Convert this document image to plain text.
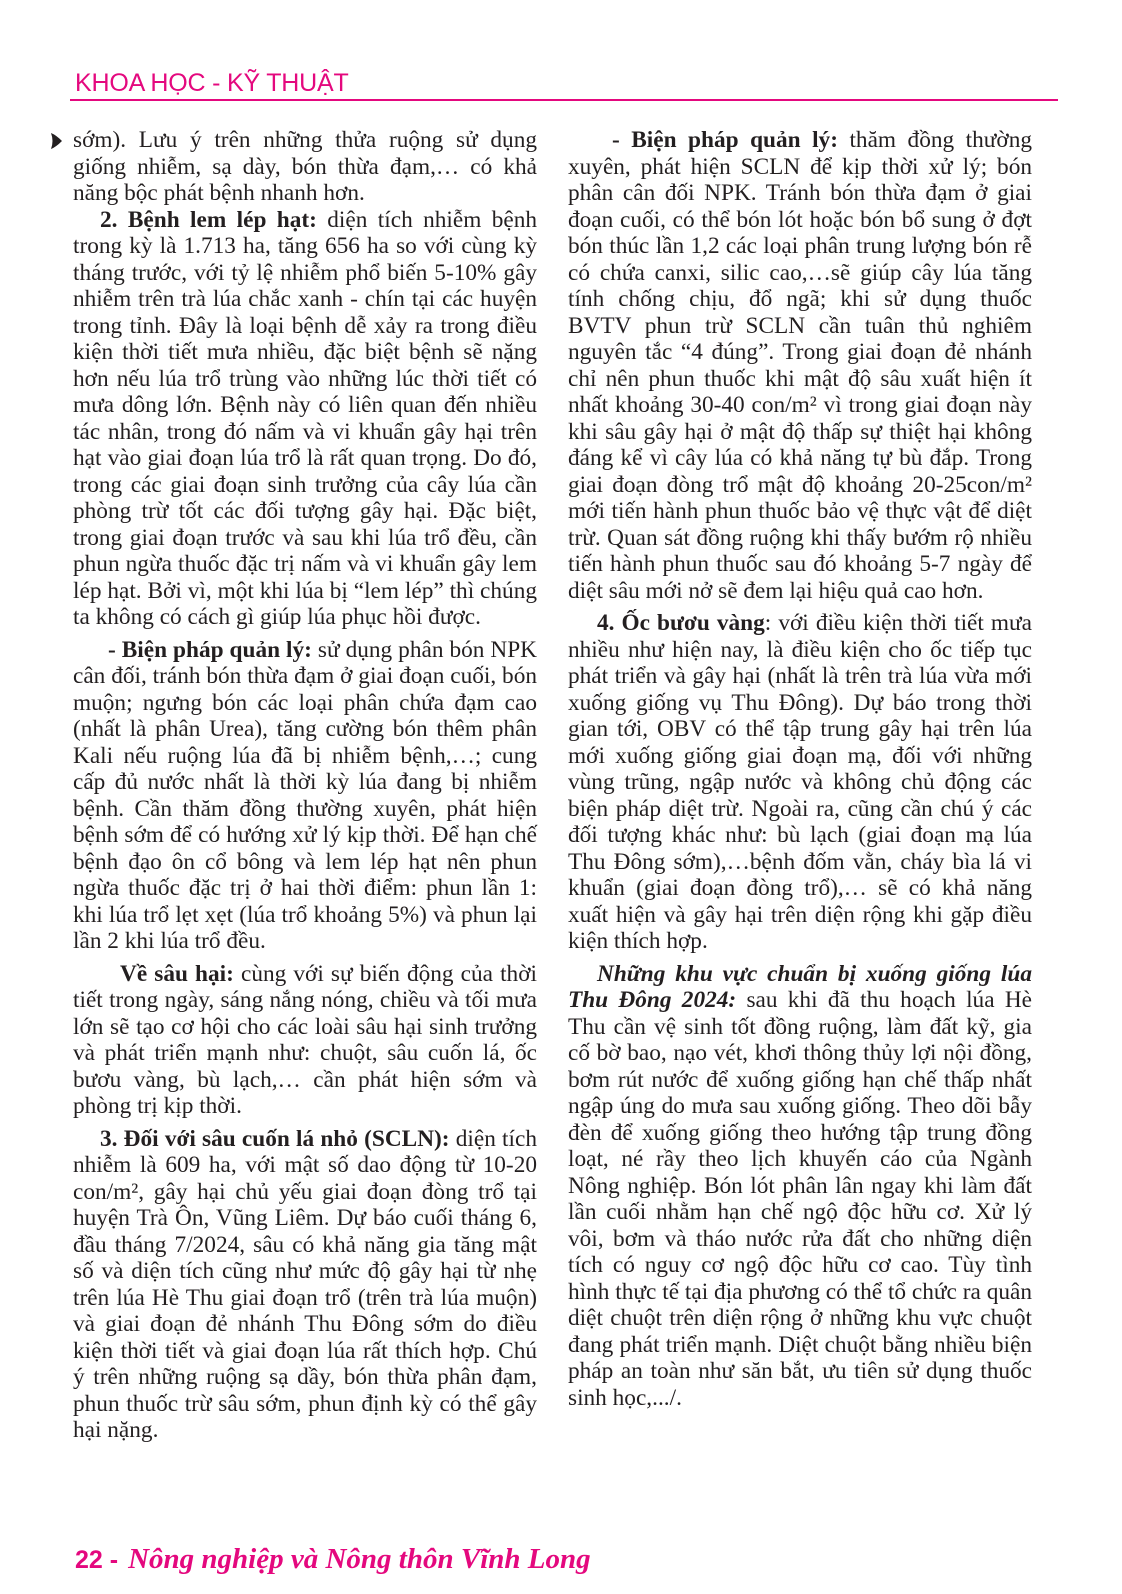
KHOA HỌC - KỸ THUẬT

sớm). Lưu ý trên những thửa ruộng sử dụng giống nhiễm, sạ dày, bón thừa đạm,… có khả năng bộc phát bệnh nhanh hơn.

2. Bệnh lem lép hạt: diện tích nhiễm bệnh trong kỳ là 1.713 ha, tăng 656 ha so với cùng kỳ tháng trước, với tỷ lệ nhiễm phổ biến 5-10% gây nhiễm trên trà lúa chắc xanh - chín tại các huyện trong tỉnh. Đây là loại bệnh dễ xảy ra trong điều kiện thời tiết mưa nhiều, đặc biệt bệnh sẽ nặng hơn nếu lúa trổ trùng vào những lúc thời tiết có mưa dông lớn. Bệnh này có liên quan đến nhiều tác nhân, trong đó nấm và vi khuẩn gây hại trên hạt vào giai đoạn lúa trổ là rất quan trọng. Do đó, trong các giai đoạn sinh trưởng của cây lúa cần phòng trừ tốt các đối tượng gây hại. Đặc biệt, trong giai đoạn trước và sau khi lúa trổ đều, cần phun ngừa thuốc đặc trị nấm và vi khuẩn gây lem lép hạt. Bởi vì, một khi lúa bị “lem lép” thì chúng ta không có cách gì giúp lúa phục hồi được.

- Biện pháp quản lý: sử dụng phân bón NPK cân đối, tránh bón thừa đạm ở giai đoạn cuối, bón muộn; ngưng bón các loại phân chứa đạm cao (nhất là phân Urea), tăng cường bón thêm phân Kali nếu ruộng lúa đã bị nhiễm bệnh,…; cung cấp đủ nước nhất là thời kỳ lúa đang bị nhiễm bệnh. Cần thăm đồng thường xuyên, phát hiện bệnh sớm để có hướng xử lý kịp thời. Để hạn chế bệnh đạo ôn cổ bông và lem lép hạt nên phun ngừa thuốc đặc trị ở hai thời điểm: phun lần 1: khi lúa trổ lẹt xẹt (lúa trổ khoảng 5%) và phun lại lần 2 khi lúa trổ đều.

Về sâu hại: cùng với sự biến động của thời tiết trong ngày, sáng nắng nóng, chiều và tối mưa lớn sẽ tạo cơ hội cho các loài sâu hại sinh trưởng và phát triển mạnh như: chuột, sâu cuốn lá, ốc bươu vàng, bù lạch,… cần phát hiện sớm và phòng trị kịp thời.

3. Đối với sâu cuốn lá nhỏ (SCLN): diện tích nhiễm là 609 ha, với mật số dao động từ 10-20 con/m², gây hại chủ yếu giai đoạn đòng trổ tại huyện Trà Ôn, Vũng Liêm. Dự báo cuối tháng 6, đầu tháng 7/2024, sâu có khả năng gia tăng mật số và diện tích cũng như mức độ gây hại từ nhẹ trên lúa Hè Thu giai đoạn trổ (trên trà lúa muộn) và giai đoạn đẻ nhánh Thu Đông sớm do điều kiện thời tiết và giai đoạn lúa rất thích hợp. Chú ý trên những ruộng sạ dầy, bón thừa phân đạm, phun thuốc trừ sâu sớm, phun định kỳ có thể gây hại nặng.

- Biện pháp quản lý: thăm đồng thường xuyên, phát hiện SCLN để kịp thời xử lý; bón phân cân đối NPK. Tránh bón thừa đạm ở giai đoạn cuối, có thể bón lót hoặc bón bổ sung ở đợt bón thúc lần 1,2 các loại phân trung lượng bón rễ có chứa canxi, silic cao,…sẽ giúp cây lúa tăng tính chống chịu, đổ ngã; khi sử dụng thuốc BVTV phun trừ SCLN cần tuân thủ nghiêm nguyên tắc “4 đúng”. Trong giai đoạn đẻ nhánh chỉ nên phun thuốc khi mật độ sâu xuất hiện ít nhất khoảng 30-40 con/m² vì trong giai đoạn này khi sâu gây hại ở mật độ thấp sự thiệt hại không đáng kể vì cây lúa có khả năng tự bù đắp. Trong giai đoạn đòng trổ mật độ khoảng 20-25con/m² mới tiến hành phun thuốc bảo vệ thực vật để diệt trừ. Quan sát đồng ruộng khi thấy bướm rộ nhiều tiến hành phun thuốc sau đó khoảng 5-7 ngày để diệt sâu mới nở sẽ đem lại hiệu quả cao hơn.

4. Ốc bươu vàng: với điều kiện thời tiết mưa nhiều như hiện nay, là điều kiện cho ốc tiếp tục phát triển và gây hại (nhất là trên trà lúa vừa mới xuống giống vụ Thu Đông). Dự báo trong thời gian tới, OBV có thể tập trung gây hại trên lúa mới xuống giống giai đoạn mạ, đối với những vùng trũng, ngập nước và không chủ động các biện pháp diệt trừ. Ngoài ra, cũng cần chú ý các đối tượng khác như: bù lạch (giai đoạn mạ lúa Thu Đông sớm),…bệnh đốm vằn, cháy bìa lá vi khuẩn (giai đoạn đòng trổ),… sẽ có khả năng xuất hiện và gây hại trên diện rộng khi gặp điều kiện thích hợp.

Những khu vực chuẩn bị xuống giống lúa Thu Đông 2024: sau khi đã thu hoạch lúa Hè Thu cần vệ sinh tốt đồng ruộng, làm đất kỹ, gia cố bờ bao, nạo vét, khơi thông thủy lợi nội đồng, bơm rút nước để xuống giống hạn chế thấp nhất ngập úng do mưa sau xuống giống. Theo dõi bẫy đèn để xuống giống theo hướng tập trung đồng loạt, né rầy theo lịch khuyến cáo của Ngành Nông nghiệp. Bón lót phân lân ngay khi làm đất lần cuối nhằm hạn chế ngộ độc hữu cơ. Xử lý vôi, bơm và tháo nước rửa đất cho những diện tích có nguy cơ ngộ độc hữu cơ cao. Tùy tình hình thực tế tại địa phương có thể tổ chức ra quân diệt chuột trên diện rộng ở những khu vực chuột đang phát triển mạnh. Diệt chuột bằng nhiều biện pháp an toàn như săn bắt, ưu tiên sử dụng thuốc sinh học,.../.

22 - Nông nghiệp và Nông thôn Vĩnh Long
